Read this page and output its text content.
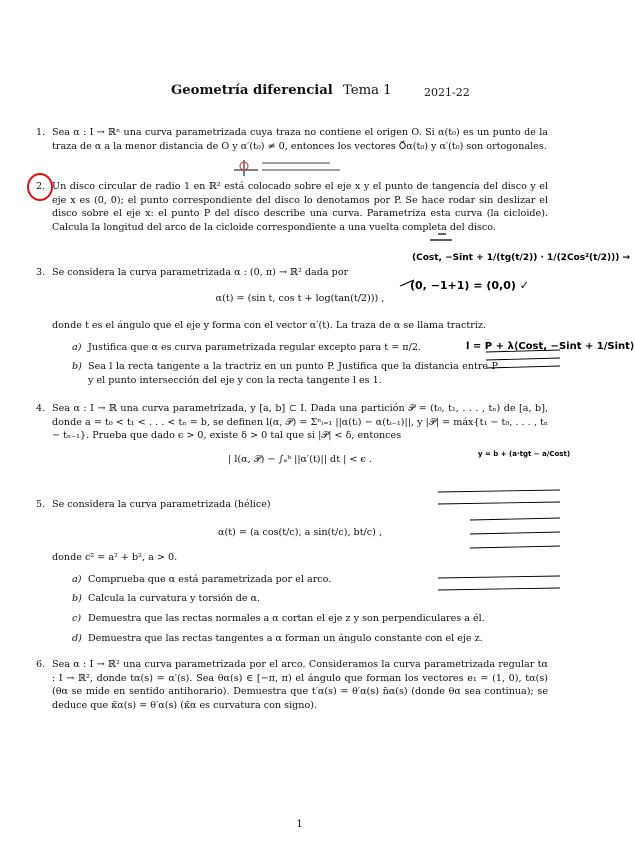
Geometría diferencial Tema 1	2021-22
1. Sea α : I → ℝⁿ una curva parametrizada cuya traza no contiene el origen O. Si α(t₀) es un punto de la traza de α a la menor distancia de O y α′(t₀) ≠ 0, entonces los vectores O⃗α(t₀) y α′(t₀) son ortogonales.
2. Un disco circular de radio 1 en ℝ² está colocado sobre el eje x y el punto de tangencia del disco y el eje x es (0, 0); el punto correspondiente del disco lo denotamos por P. Se hace rodar sin deslizar el disco sobre el eje x: el punto P del disco describe una curva. Parametriza esta curva (la cicloide). Calcula la longitud del arco de la cicloide correspondiente a una vuelta completa del disco.
3. Se considera la curva parametrizada α : (0, π) → ℝ² dada por
α(t) = (sin t, cos t + log(tan(t/2))) ,
donde t es el ángulo que el eje y forma con el vector α′(t). La traza de α se llama tractriz.
a) Justifica que α es curva parametrizada regular excepto para t = π/2.
b) Sea l la recta tangente a la tractriz en un punto P. Justifica que la distancia entre P y el punto intersección del eje y con la recta tangente l es 1.
4. Sea α : I → ℝ una curva parametrizada, y [a, b] ⊂ I. Dada una partición 𝒫 = (t₀, t₁, . . . , tₙ) de [a, b], donde a = t₀ < t₁ < . . . < tₙ = b, se definen l(α, 𝒫) = Σⁿᵢ₌₁ ||α(tᵢ) − α(tᵢ₋₁)||, y |𝒫| = máx{t₁ − t₀, . . . , tₙ − tₙ₋₁}. Prueba que dado ϵ > 0, existe δ > 0 tal que si |𝒫| < δ, entonces
| l(α, 𝒫) − ∫ₐᵇ ||α′(t)|| dt | < ϵ .
5. Se considera la curva parametrizada (hélice)
α(t) = (a cos(t/c), a sin(t/c), bt/c) ,
donde c² = a² + b², a > 0.
a) Comprueba que α está parametrizada por el arco.
b) Calcula la curvatura y torsión de α.
c) Demuestra que las rectas normales a α cortan el eje z y son perpendiculares a él.
d) Demuestra que las rectas tangentes a α forman un ángulo constante con el eje z.
6. Sea α : I → ℝ² una curva parametrizada por el arco. Consideramos la curva parametrizada regular tα : I → ℝ², donde tα(s) = α′(s). Sea θα(s) ∈ [−π, π) el ángulo que forman los vectores e₁ = (1, 0), tα(s) (θα se mide en sentido antihorario). Demuestra que t′α(s) = θ′α(s) n̄α(s) (donde θα sea continua); se deduce que κ̄α(s) = θ′α(s) (κ̄α es curvatura con signo).
1
(Cost, −Sint + 1/(tg(t/2)) · 1/(2Cos²(t/2))) →
(0, −1+1) = (0,0) ✓
l = P + λ⟨Cost, −Sint + 1/Sint⟩
y = b + (a·tgt − a/Cost)
